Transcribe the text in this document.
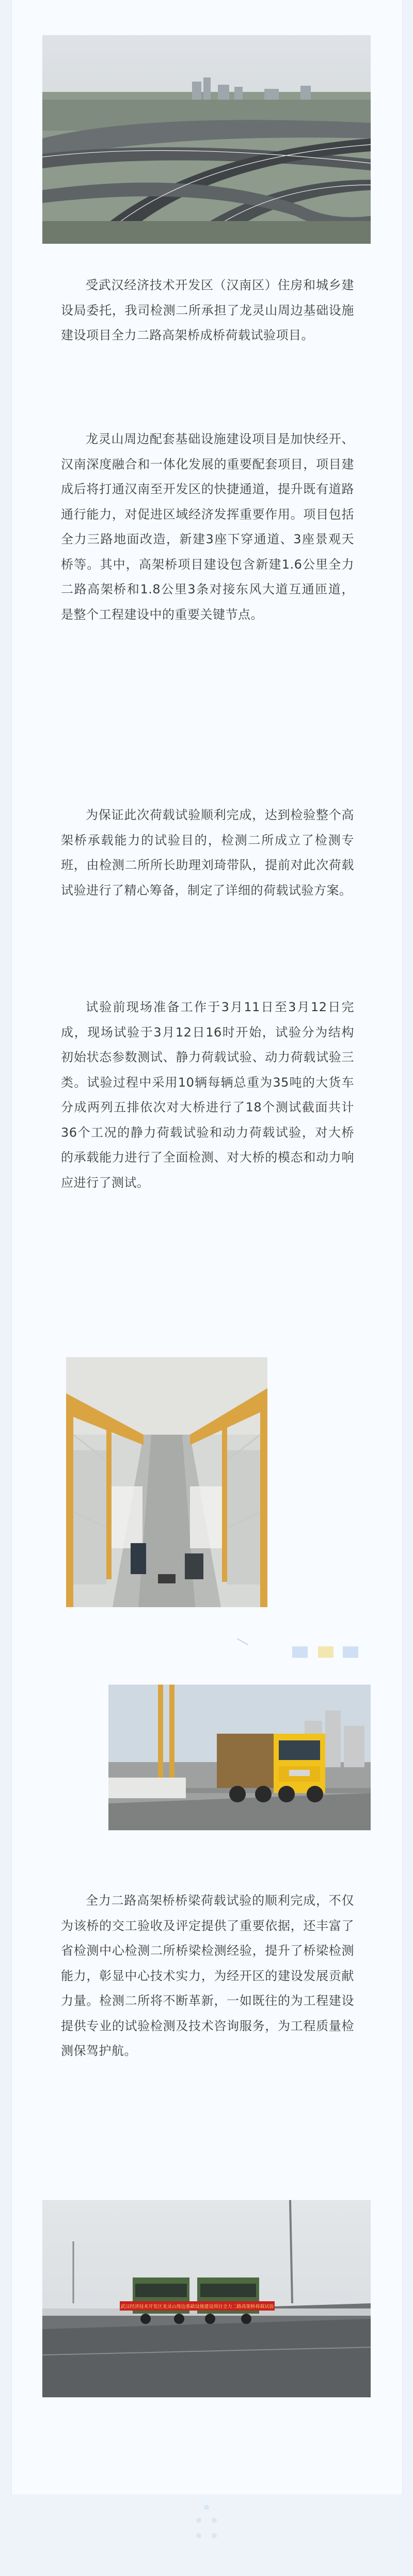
受武汉经济技术开发区（汉南区）住房和城乡建设局委托，我司检测二所承担了龙灵山周边基础设施建设项目全力二路高架桥成桥荷载试验项目。

龙灵山周边配套基础设施建设项目是加快经开、汉南深度融合和一体化发展的重要配套项目，项目建成后将打通汉南至开发区的快捷通道，提升既有道路通行能力，对促进区域经济发挥重要作用。项目包括全力三路地面改造，新建3座下穿通道、3座景观天桥等。其中，高架桥项目建设包含新建1.6公里全力二路高架桥和1.8公里3条对接东风大道互通匝道，是整个工程建设中的重要关键节点。

为保证此次荷载试验顺利完成，达到检验整个高架桥承载能力的试验目的，检测二所成立了检测专班，由检测二所所长助理刘琦带队，提前对此次荷载试验进行了精心筹备，制定了详细的荷载试验方案。

试验前现场准备工作于3月11日至3月12日完成，现场试验于3月12日16时开始，试验分为结构初始状态参数测试、静力荷载试验、动力荷载试验三类。试验过程中采用10辆每辆总重为35吨的大货车分成两列五排依次对大桥进行了18个测试截面共计36个工况的静力荷载试验和动力荷载试验，对大桥的承载能力进行了全面检测、对大桥的模态和动力响应进行了测试。

全力二路高架桥桥梁荷载试验的顺利完成，不仅为该桥的交工验收及评定提供了重要依据，还丰富了省检测中心检测二所桥梁检测经验，提升了桥梁检测能力，彰显中心技术实力，为经开区的建设发展贡献力量。检测二所将不断革新，一如既往的为工程建设提供专业的试验检测及技术咨询服务，为工程质量检测保驾护航。

武汉经济技术开发区龙灵山周边基础设施建设项目全力二路高架桥荷载试验
